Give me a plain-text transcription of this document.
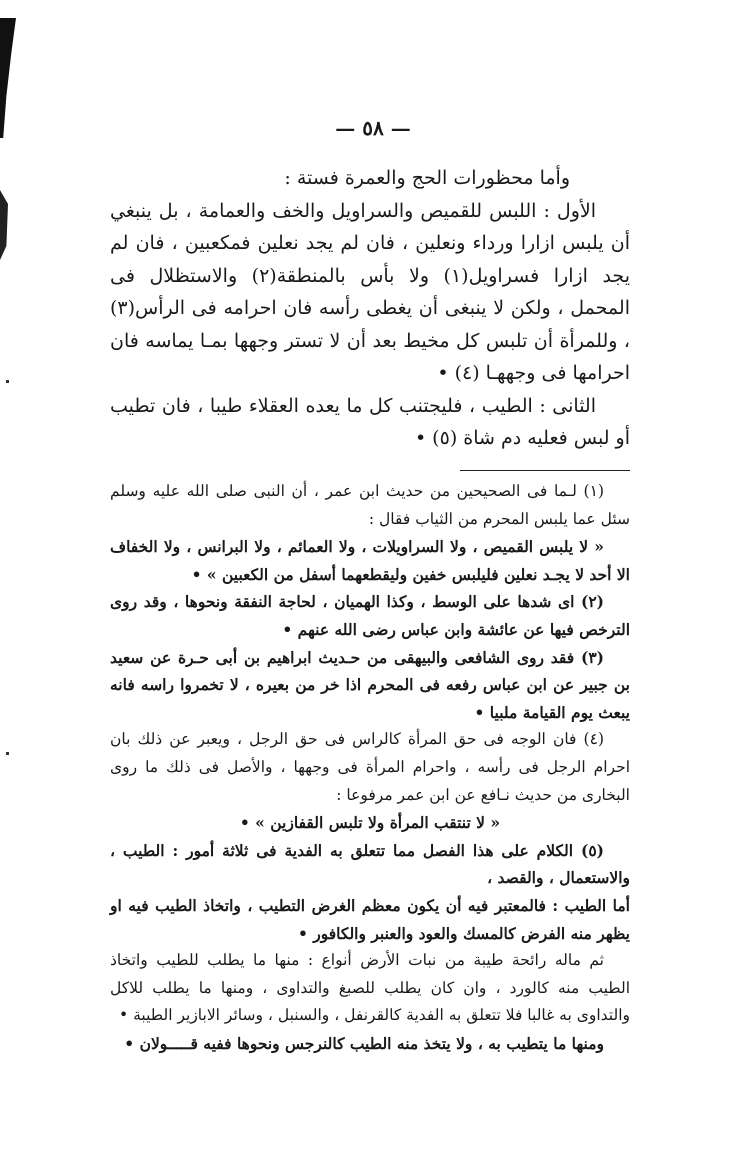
— ٥٨ —

وأما محظورات الحج والعمرة فستة :

الأول : اللبس للقميص والسراويل والخف والعمامة ، بل ينبغي أن يلبس ازارا ورداء ونعلين ، فان لم يجد نعلين فمكعبين ، فان لم يجد ازارا فسراويل(١) ولا بأس بالمنطقة(٢) والاستظلال فى المحمل ، ولكن لا ينبغى أن يغطى رأسه فان احرامه فى الرأس(٣) ، وللمرأة أن تلبس كل مخيط بعد أن لا تستر وجهها بمـا يماسه فان احرامها فى وجههـا (٤) •

الثانى : الطيب ، فليجتنب كل ما يعده العقلاء طيبا ، فان تطيب أو لبس فعليه دم شاة (٥) •

(١) لـما فى الصحيحين من حديث ابن عمر ، أن النبى صلى الله عليه وسلم سئل عما يلبس المحرم من الثياب فقال :

« لا يلبس القميص ، ولا السراويلات ، ولا العمائم ، ولا البرانس ، ولا الخفاف الا أحد لا يجـد نعلين فليلبس خفين وليقطعهما أسفل من الكعبين » •

(٢) اى شدها على الوسط ، وكذا الهميان ، لحاجة النفقة ونحوها ، وقد روى الترخص فيها عن عائشة وابن عباس رضى الله عنهم •

(٣) فقد روى الشافعى والبيهقى من حـديث ابراهيم بن أبى حـرة عن سعيد بن جبير عن ابن عباس رفعه فى المحرم اذا خر من بعيره ، لا تخمروا راسه فانه يبعث يوم القيامة ملبيا •

(٤) فان الوجه فى حق المرأة كالراس فى حق الرجل ، ويعبر عن ذلك بان احرام الرجل فى رأسه ، واحرام المرأة فى وجهها ، والأصل فى ذلك ما روى البخارى من حديث نـافع عن ابن عمر مرفوعا :

« لا تنتقب المرأة ولا تلبس القفازين » •

(٥) الكلام على هذا الفصل مما تتعلق به الفدية فى ثلاثة أمور : الطيب ، والاستعمال ، والقصد ،

أما الطيب : فالمعتبر فيه أن يكون معظم الغرض التطيب ، واتخاذ الطيب فيه او يظهر منه الفرض كالمسك والعود والعنبر والكافور •

ثم ماله رائحة طيبة من نبات الأرض أنواع : منها ما يطلب للطيب واتخاذ الطيب منه كالورد ، وان كان يطلب للصبغ والتداوى ، ومنها ما يطلب للاكل والتداوى به غالبا فلا تتعلق به الفدية كالقرنفل ، والسنبل ، وسائر الابازير الطيبة •

ومنها ما يتطيب به ، ولا يتخذ منه الطيب كالنرجس ونحوها ففيه قـــــولان •
